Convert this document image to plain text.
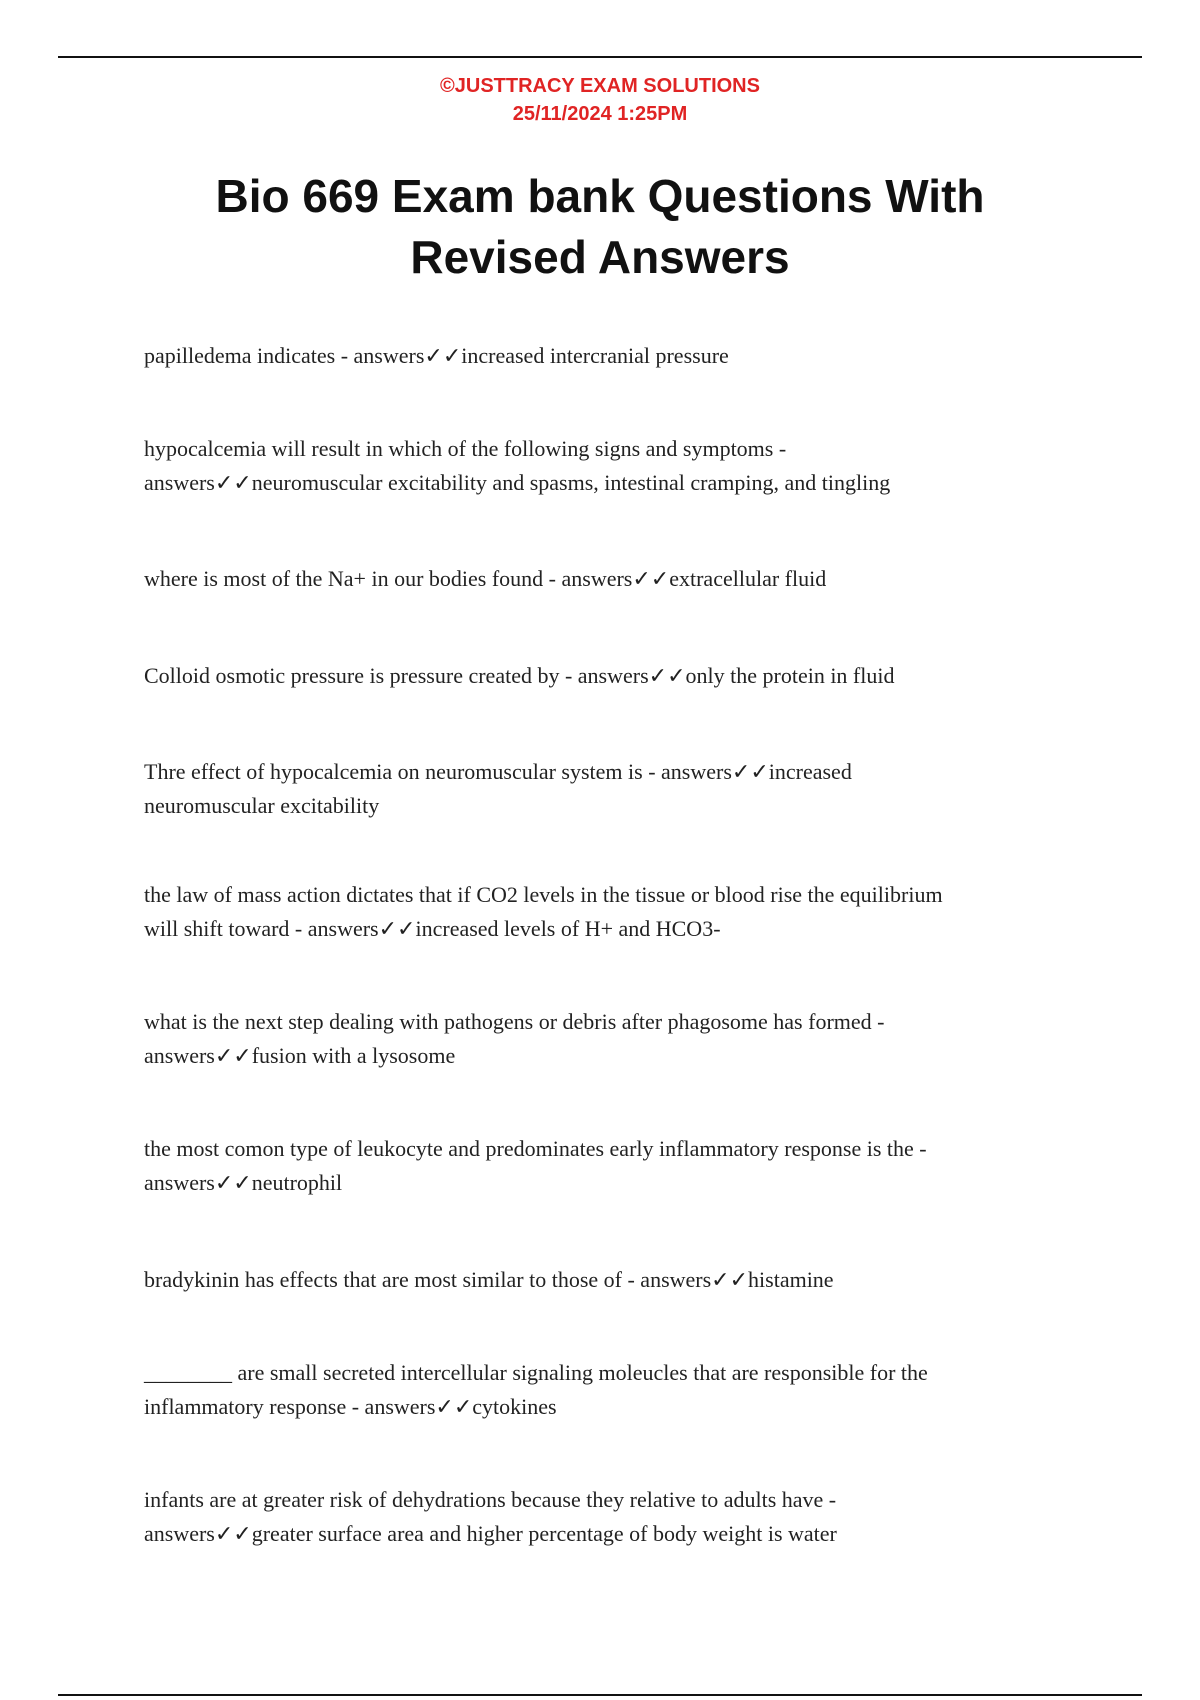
©JUSTTRACY EXAM SOLUTIONS
25/11/2024 1:25PM
Bio 669 Exam bank Questions With
Revised Answers

papilledema indicates - answers✓✓increased intercranial pressure

hypocalcemia will result in which of the following signs and symptoms -
answers✓✓neuromuscular excitability and spasms, intestinal cramping, and tingling

where is most of the Na+ in our bodies found - answers✓✓extracellular fluid

Colloid osmotic pressure is pressure created by - answers✓✓only the protein in fluid

Thre effect of hypocalcemia on neuromuscular system is - answers✓✓increased
neuromuscular excitability

the law of mass action dictates that if CO2 levels in the tissue or blood rise the equilibrium
will shift toward - answers✓✓increased levels of H+ and HCO3-

what is the next step dealing with pathogens or debris after phagosome has formed -
answers✓✓fusion with a lysosome

the most comon type of leukocyte and predominates early inflammatory response is the -
answers✓✓neutrophil

bradykinin has effects that are most similar to those of - answers✓✓histamine

________ are small secreted intercellular signaling moleucles that are responsible for the
inflammatory response - answers✓✓cytokines

infants are at greater risk of dehydrations because they relative to adults have -
answers✓✓greater surface area and higher percentage of body weight is water
